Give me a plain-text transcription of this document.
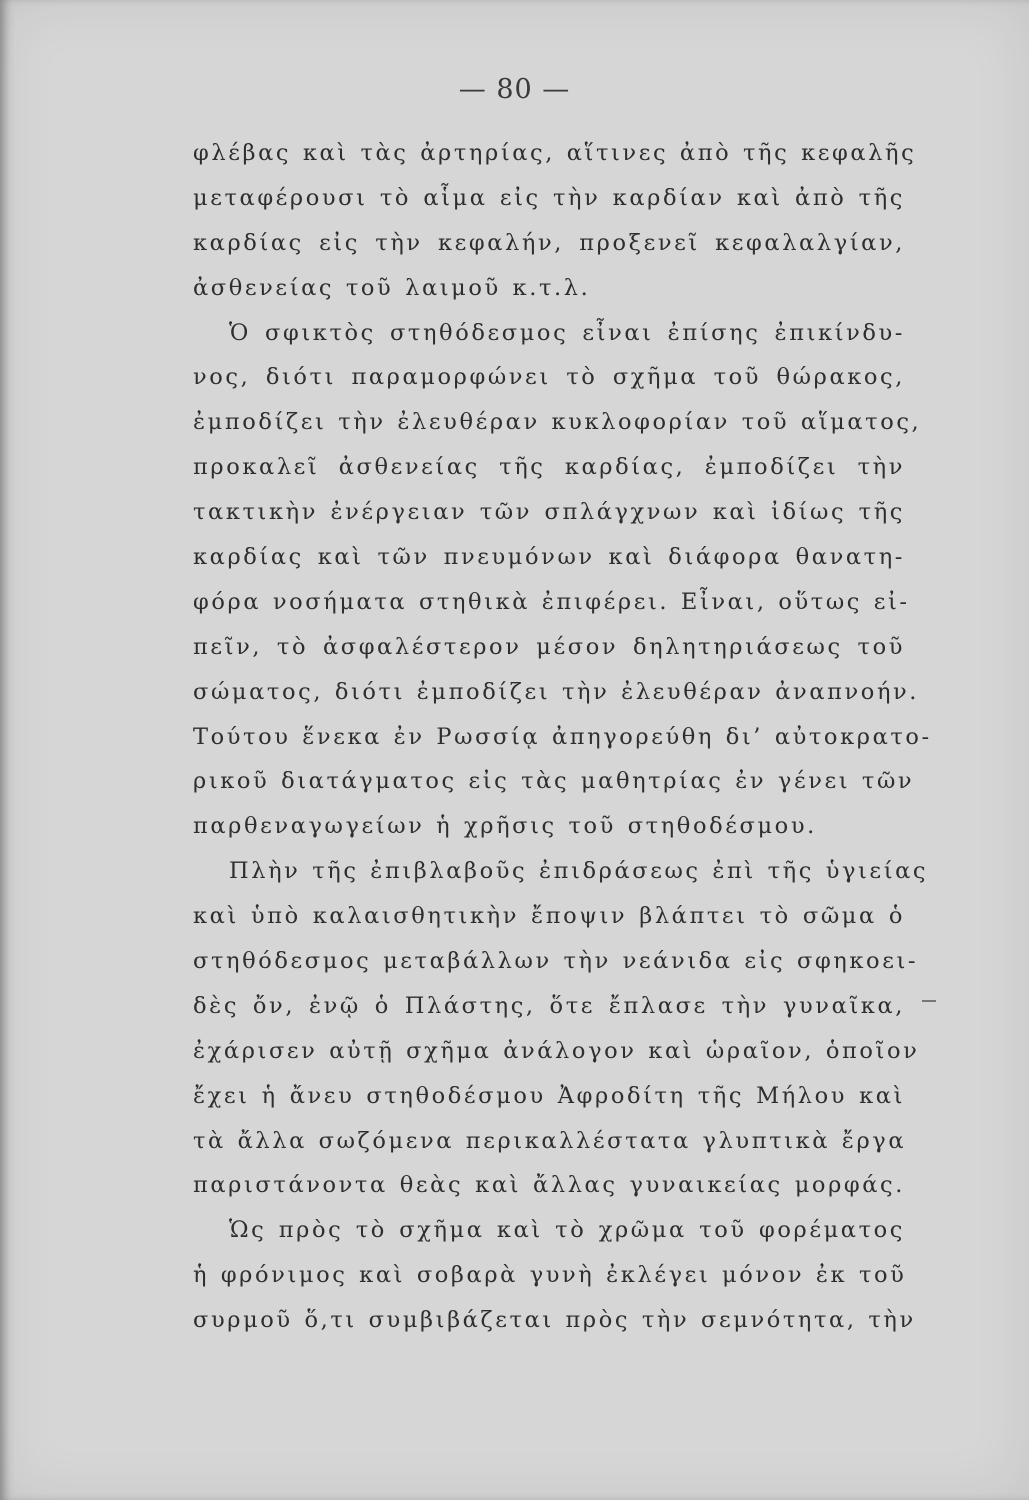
— 80 —
φλέβας καὶ τὰς ἀρτηρίας, αἵτινες ἀπὸ τῆς κεφαλῆς
μεταφέρουσι τὸ αἷμα εἰς τὴν καρδίαν καὶ ἀπὸ τῆς
καρδίας εἰς τὴν κεφαλήν, προξενεῖ κεφαλαλγίαν,
ἀσθενείας τοῦ λαιμοῦ κ.τ.λ.
Ὁ σφικτὸς στηθόδεσμος εἶναι ἐπίσης ἐπικίνδυ-
νος, διότι παραμορφώνει τὸ σχῆμα τοῦ θώρακος,
ἐμποδίζει τὴν ἐλευθέραν κυκλοφορίαν τοῦ αἵματος,
προκαλεῖ ἀσθενείας τῆς καρδίας, ἐμποδίζει τὴν
τακτικὴν ἐνέργειαν τῶν σπλάγχνων καὶ ἰδίως τῆς
καρδίας καὶ τῶν πνευμόνων καὶ διάφορα θανατη-
φόρα νοσήματα στηθικὰ ἐπιφέρει. Εἶναι, οὕτως εἰ-
πεῖν, τὸ ἀσφαλέστερον μέσον δηλητηριάσεως τοῦ
σώματος, διότι ἐμποδίζει τὴν ἐλευθέραν ἀναπνοήν.
Τούτου ἕνεκα ἐν Ρωσσίᾳ ἀπηγορεύθη δι’ αὐτοκρατο-
ρικοῦ διατάγματος εἰς τὰς μαθητρίας ἐν γένει τῶν
παρθεναγωγείων ἡ χρῆσις τοῦ στηθοδέσμου.
Πλὴν τῆς ἐπιβλαβοῦς ἐπιδράσεως ἐπὶ τῆς ὑγιείας
καὶ ὑπὸ καλαισθητικὴν ἔποψιν βλάπτει τὸ σῶμα ὁ
στηθόδεσμος μεταβάλλων τὴν νεάνιδα εἰς σφηκοει-
δὲς ὄν, ἐνῷ ὁ Πλάστης, ὅτε ἔπλασε τὴν γυναῖκα,
ἐχάρισεν αὐτῇ σχῆμα ἀνάλογον καὶ ὡραῖον, ὁποῖον
ἔχει ἡ ἄνευ στηθοδέσμου Ἀφροδίτη τῆς Μήλου καὶ
τὰ ἄλλα σωζόμενα περικαλλέστατα γλυπτικὰ ἔργα
παριστάνοντα θεὰς καὶ ἄλλας γυναικείας μορφάς.
Ὡς πρὸς τὸ σχῆμα καὶ τὸ χρῶμα τοῦ φορέματος
ἡ φρόνιμος καὶ σοβαρὰ γυνὴ ἐκλέγει μόνον ἐκ τοῦ
συρμοῦ ὅ,τι συμβιβάζεται πρὸς τὴν σεμνότητα, τὴν
